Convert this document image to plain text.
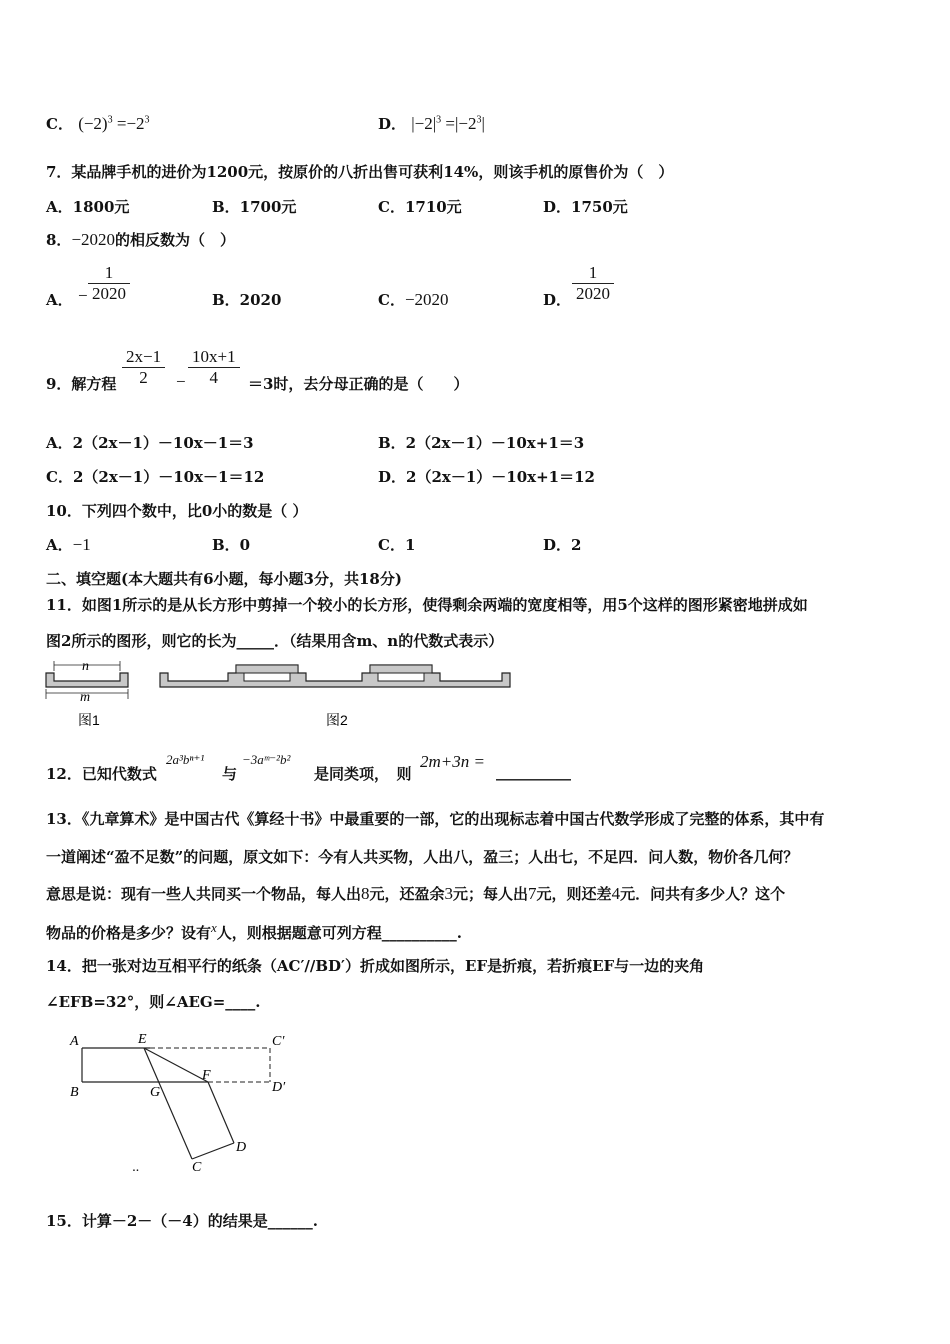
C． $(-2)^3 =-2^3$	D． $|-2|^3 =|-2^3|$
7．某品牌手机的进价为1200元，按原价的八折出售可获利14%，则该手机的原售价为（　）
A．1800元	B．1700元	C．1710元	D．1750元
8．−2020的相反数为（　）
A． −
1
2020	B．2020	C．−2020	D．
1
2020
9．解方程
2x−1
2	−
10x+1
4	＝3时，去分母正确的是（　　）
A．2（2x－1）－10x－1＝3	B．2（2x－1）－10x+1＝3
C．2（2x－1）－10x－1＝12	D．2（2x－1）－10x+1＝12
10．下列四个数中，比0小的数是（ ）
A．−1	B．0	C．1	D．2
二、填空题(本大题共有6小题，每小题3分，共18分)
11．如图1所示的是从长方形中剪掉一个较小的长方形，使得剩余两端的宽度相等，用5个这样的图形紧密地拼成如
图2所示的图形，则它的长为_____．（结果用含m、n的代数式表示）
n
m
图1	图2
12．已知代数式
2a³bⁿ⁺¹
与
−3aᵐ⁻²b²
是同类项，　则
2m+3n =
__________
13．《九章算术》是中国古代《算经十书》中最重要的一部，它的出现标志着中国古代数学形成了完整的体系，其中有
一道阐述“盈不足数”的问题，原文如下：今有人共买物，人出八，盈三；人出七，不足四．问人数，物价各几何？
意思是说：现有一些人共同买一个物品，每人出8元，还盈余3元；每人出7元，则还差4元．问共有多少人？这个
物品的价格是多少？设有x人，则根据题意可列方程__________.
14．把一张对边互相平行的纸条（AC′//BD′）折成如图所示，EF是折痕，若折痕EF与一边的夹角
∠EFB=32°，则∠AEG=____.
A	E	C′
B	G
F
D′
D
C
··
15．计算－2－（－4）的结果是______.
